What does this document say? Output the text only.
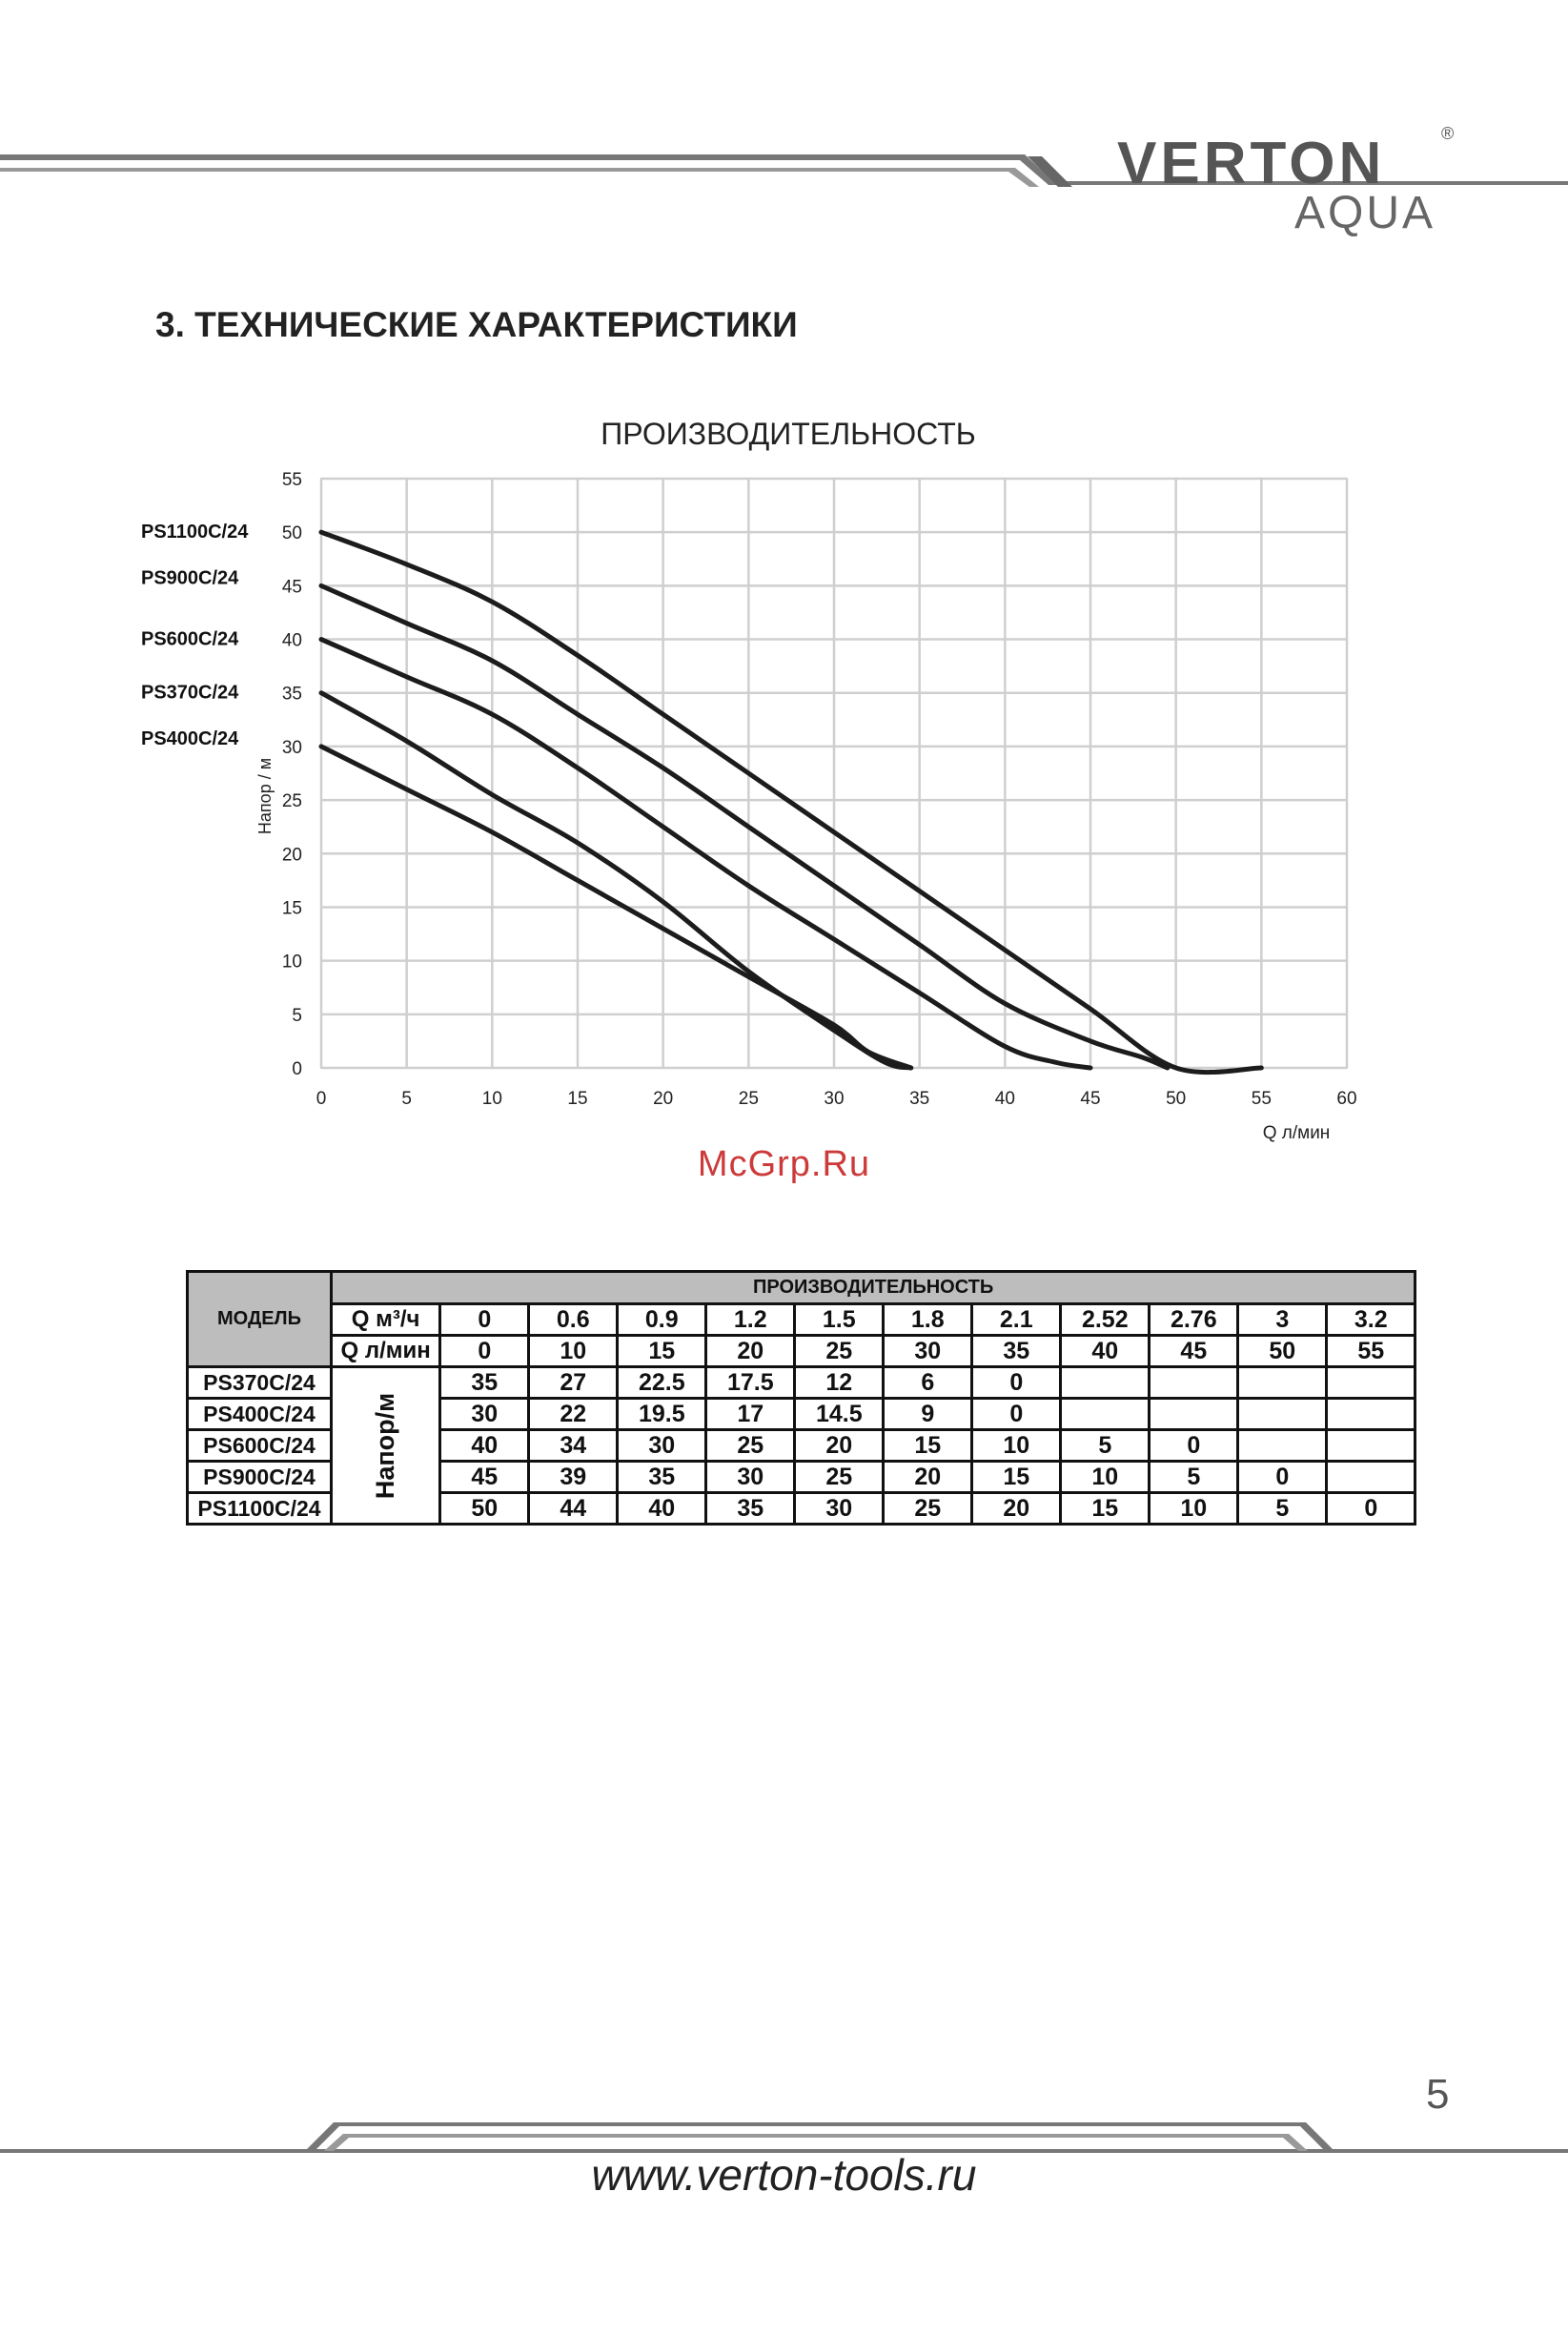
VERTON	®
AQUA
3. ТЕХНИЧЕСКИЕ ХАРАКТЕРИСТИКИ
ПРОИЗВОДИТЕЛЬНОСТЬ
0	5	10	15	20	25	30	35	40	45	50	55	60
0
5
10
15
20
25
30
35
40
45
50
55
PS1100C/24
PS900C/24
PS600C/24
PS370C/24
PS400C/24
Напор / м
Q л/мин
McGrp.Ru
МОДЕЛЬ	ПРОИЗВОДИТЕЛЬНОСТЬ											
	Q м³/ч	0	0.6	0.9	1.2	1.5	1.8	2.1	2.52	2.76	3	3.2
	Q л/мин	0	10	15	20	25	30	35	40	45	50	55
PS370C/24	Напор/м	35	27	22.5	17.5	12	6	0				
PS400C/24		30	22	19.5	17	14.5	9	0				
PS600C/24		40	34	30	25	20	15	10	5	0		
PS900C/24		45	39	35	30	25	20	15	10	5	0	
PS1100C/24		50	44	40	35	30	25	20	15	10	5	0
5
www.verton-tools.ru
